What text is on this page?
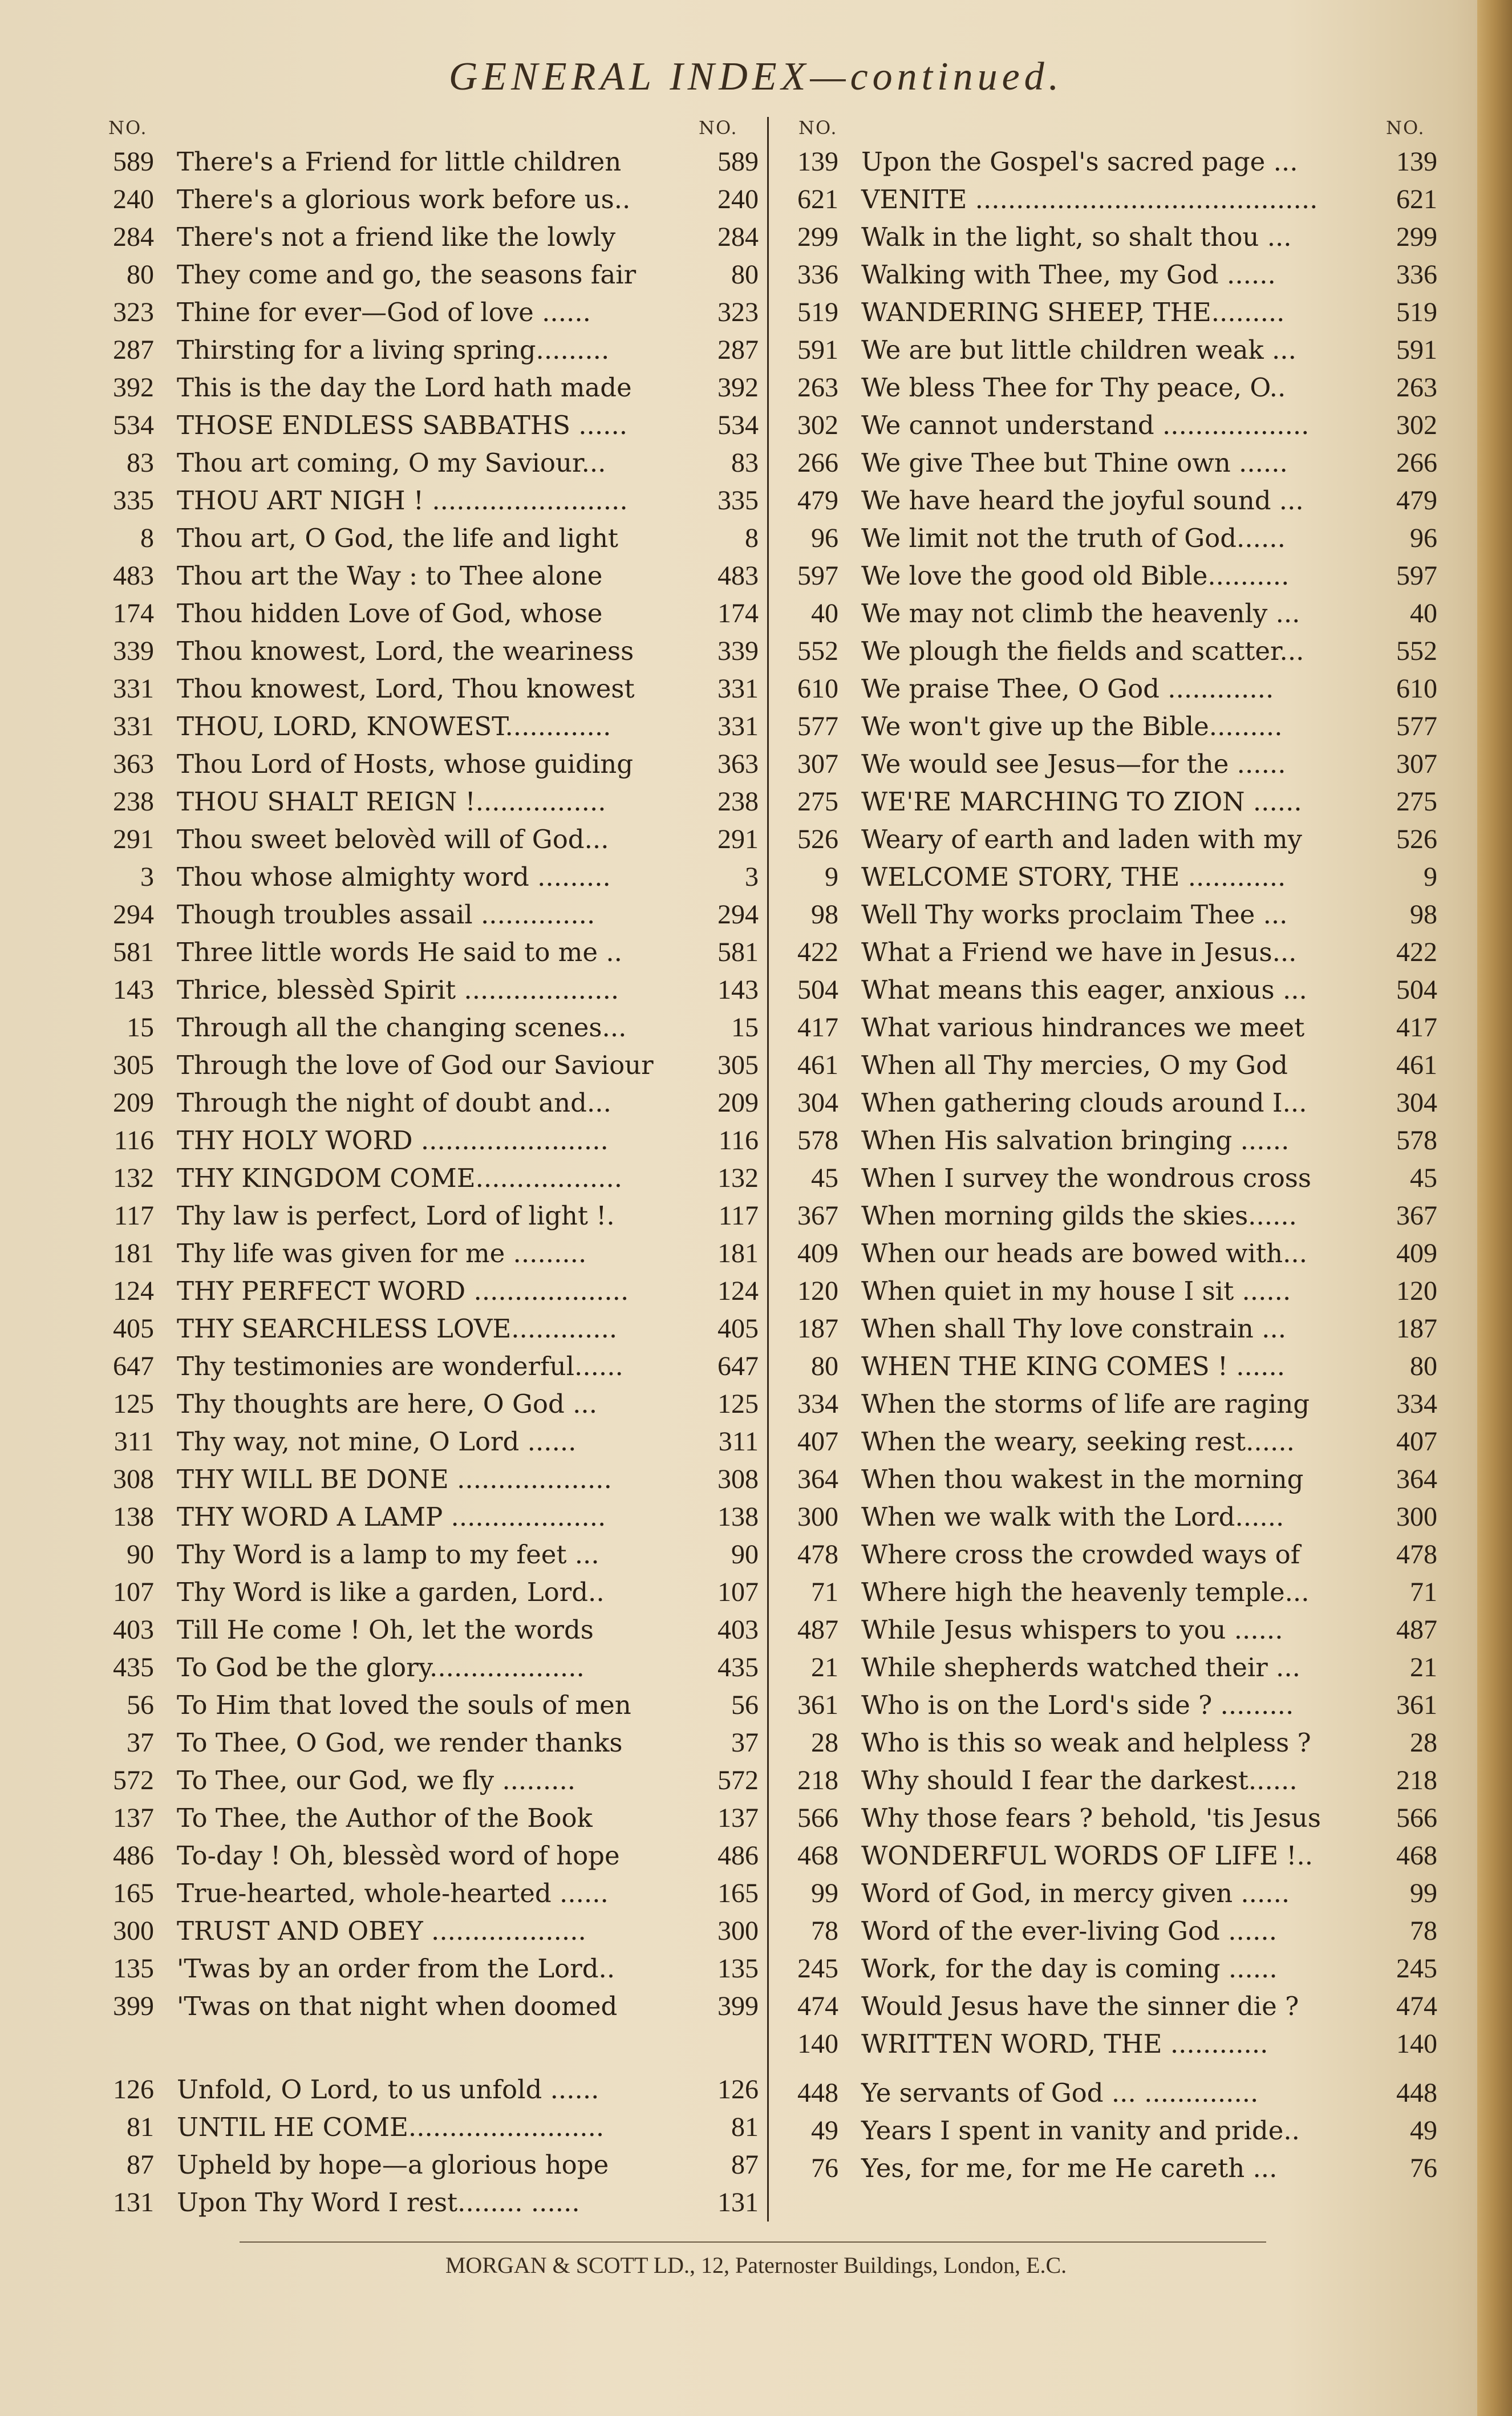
GENERAL INDEX—continued.
NO.	NO.	NO.	NO.
589 There's a Friend for little children	589
240 There's a glorious work before us..	240
284 There's not a friend like the lowly	284
80 They come and go, the seasons fair	80
323 Thine for ever—God of love ......	323
287 Thirsting for a living spring.........	287
392 This is the day the Lord hath made	392
534 THOSE ENDLESS SABBATHS ......	534
83 Thou art coming, O my Saviour...	83
335 THOU ART NIGH ! ........................	335
8 Thou art, O God, the life and light	8
483 Thou art the Way : to Thee alone	483
174 Thou hidden Love of God, whose	174
339 Thou knowest, Lord, the weariness	339
331 Thou knowest, Lord, Thou knowest	331
331 THOU, LORD, KNOWEST.............	331
363 Thou Lord of Hosts, whose guiding	363
238 THOU SHALT REIGN !................	238
291 Thou sweet belovèd will of God...	291
3 Thou whose almighty word .........	3
294 Though troubles assail ..............	294
581 Three little words He said to me ..	581
143 Thrice, blessèd Spirit ...................	143
15 Through all the changing scenes...	15
305 Through the love of God our Saviour	305
209 Through the night of doubt and...	209
116 THY HOLY WORD .......................	116
132 THY KINGDOM COME..................	132
117 Thy law is perfect, Lord of light !.	117
181 Thy life was given for me .........	181
124 THY PERFECT WORD ...................	124
405 THY SEARCHLESS LOVE.............	405
647 Thy testimonies are wonderful......	647
125 Thy thoughts are here, O God ...	125
311 Thy way, not mine, O Lord ......	311
308 THY WILL BE DONE ...................	308
138 THY WORD A LAMP ...................	138
90 Thy Word is a lamp to my feet ...	90
107 Thy Word is like a garden, Lord..	107
403 Till He come ! Oh, let the words	403
435 To God be the glory...................	435
56 To Him that loved the souls of men	56
37 To Thee, O God, we render thanks	37
572 To Thee, our God, we fly .........	572
137 To Thee, the Author of the Book	137
486 To-day ! Oh, blessèd word of hope	486
165 True-hearted, whole-hearted ......	165
300 TRUST AND OBEY ...................	300
135 'Twas by an order from the Lord..	135
399 'Twas on that night when doomed	399
126 Unfold, O Lord, to us unfold ......	126
81 UNTIL HE COME........................	81
87 Upheld by hope—a glorious hope	87
131 Upon Thy Word I rest........ ......	131
139 Upon the Gospel's sacred page ...	139
621 VENITE ..........................................	621
299 Walk in the light, so shalt thou ...	299
336 Walking with Thee, my God ......	336
519 WANDERING SHEEP, THE.........	519
591 We are but little children weak ...	591
263 We bless Thee for Thy peace, O..	263
302 We cannot understand ..................	302
266 We give Thee but Thine own ......	266
479 We have heard the joyful sound ...	479
96 We limit not the truth of God......	96
597 We love the good old Bible..........	597
40 We may not climb the heavenly ...	40
552 We plough the fields and scatter...	552
610 We praise Thee, O God .............	610
577 We won't give up the Bible.........	577
307 We would see Jesus—for the ......	307
275 WE'RE MARCHING TO ZION ......	275
526 Weary of earth and laden with my	526
9 WELCOME STORY, THE ............	9
98 Well Thy works proclaim Thee ...	98
422 What a Friend we have in Jesus...	422
504 What means this eager, anxious ...	504
417 What various hindrances we meet	417
461 When all Thy mercies, O my God	461
304 When gathering clouds around I...	304
578 When His salvation bringing ......	578
45 When I survey the wondrous cross	45
367 When morning gilds the skies......	367
409 When our heads are bowed with...	409
120 When quiet in my house I sit ......	120
187 When shall Thy love constrain ...	187
80 WHEN THE KING COMES ! ......	80
334 When the storms of life are raging	334
407 When the weary, seeking rest......	407
364 When thou wakest in the morning	364
300 When we walk with the Lord......	300
478 Where cross the crowded ways of	478
71 Where high the heavenly temple...	71
487 While Jesus whispers to you ......	487
21 While shepherds watched their ...	21
361 Who is on the Lord's side ? .........	361
28 Who is this so weak and helpless ?	28
218 Why should I fear the darkest......	218
566 Why those fears ? behold, 'tis Jesus	566
468 WONDERFUL WORDS OF LIFE !..	468
99 Word of God, in mercy given ......	99
78 Word of the ever-living God ......	78
245 Work, for the day is coming ......	245
474 Would Jesus have the sinner die ?	474
140 WRITTEN WORD, THE ............	140
448 Ye servants of God ... ..............	448
49 Years I spent in vanity and pride..	49
76 Yes, for me, for me He careth ...	76
MORGAN & SCOTT LD., 12, Paternoster Buildings, London, E.C.
